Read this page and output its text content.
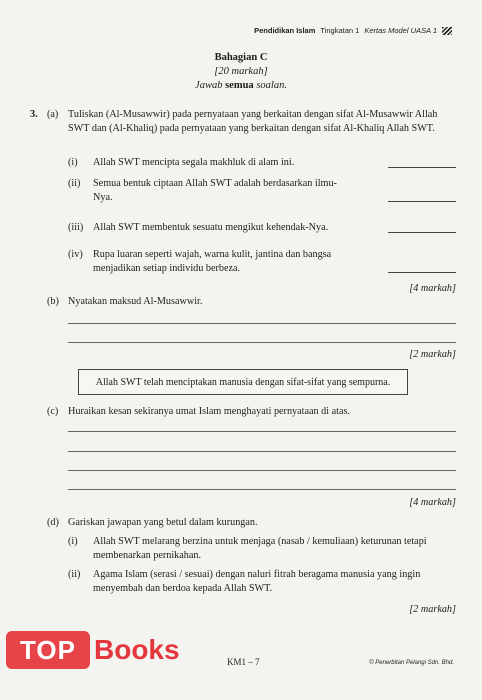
Pendidikan Islam Tingkatan 1 Kertas Model UASA 1
Bahagian C
[20 markah]
Jawab semua soalan.
3. (a) Tuliskan (Al-Musawwir) pada pernyataan yang berkaitan dengan sifat Al-Musawwir Allah SWT dan (Al-Khaliq) pada pernyataan yang berkaitan dengan sifat Al-Khaliq Allah SWT.
(i) Allah SWT mencipta segala makhluk di alam ini.
(ii) Semua bentuk ciptaan Allah SWT adalah berdasarkan ilmu-Nya.
(iii) Allah SWT membentuk sesuatu mengikut kehendak-Nya.
(iv) Rupa luaran seperti wajah, warna kulit, jantina dan bangsa menjadikan setiap individu berbeza.
[4 markah]
(b) Nyatakan maksud Al-Musawwir.
[2 markah]
Allah SWT telah menciptakan manusia dengan sifat-sifat yang sempurna.
(c) Huraikan kesan sekiranya umat Islam menghayati pernyataan di atas.
[4 markah]
(d) Gariskan jawapan yang betul dalam kurungan.
(i) Allah SWT melarang berzina untuk menjaga (nasab / kemuliaan) keturunan tetapi membenarkan pernikahan.
(ii) Agama Islam (serasi / sesuai) dengan naluri fitrah beragama manusia yang ingin menyembah dan berdoa kepada Allah SWT.
[2 markah]
TOP Books	KM1 – 7	© Penerbitan Pelangi Sdn. Bhd.
